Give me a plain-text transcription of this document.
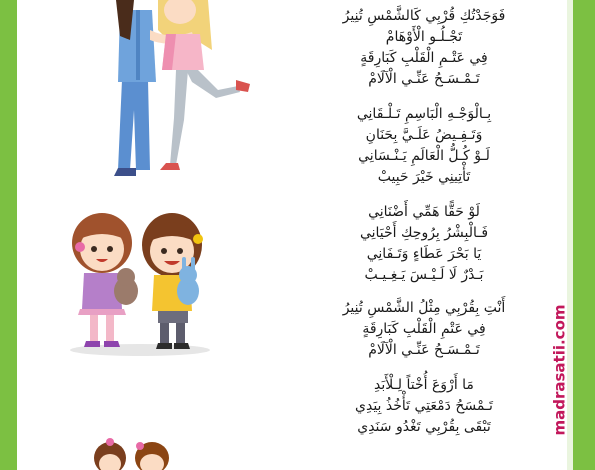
فَوَجَدْتُكِ قُرْبِي كَالشَّمْسِ تُنِيرُ
تَجْـلُـو الْأَوْهَامْ
فِي عَتْـمِ الْقَلْبِ كَبَارِقَةٍ
تَـمْـسَـحُ عَنِّـي الْآلَامْ
بِـالْوَجْـهِ الْبَاسِمِ تَـلْـقَانِي
وَتَـفِـيضُ عَلَـيَّ بِحَنَانِ
لَـوْ كُـلُّ الْعَالَمِ يَـنْـسَانِي
تَأْتِينِي خَيْرَ حَبِيبْ
لَوْ حَقًّا هَمِّي أَضْنَانِي
فَـالْبِشْرُ بِرُوحِكِ أَحْيَانِي
يَا بَحْرَ عَطَاءٍ وَتَـفَانِي
بَـدْرٌ لَا لَـيْـسَ يَـغِـيـبْ
أَنْتِ بِقُرْبِي مِثْلُ الشَّمْسِ تُنِيرُ
فِي عَتْمِ الْقَلْبِ كَبَارِقَةٍ
تَـمْـسَـحُ عَنِّـي الْآلَامْ
مَا أَرْوَعَ أُخْتاً لِـلْأَبَدِ
تَـمْسَحُ دَمْعَتِي تَأْخُذُ بِيَدِي
تَبْقَى بِقُرْبِي تَغْدُو سَنَدِي	madrasatii.com
